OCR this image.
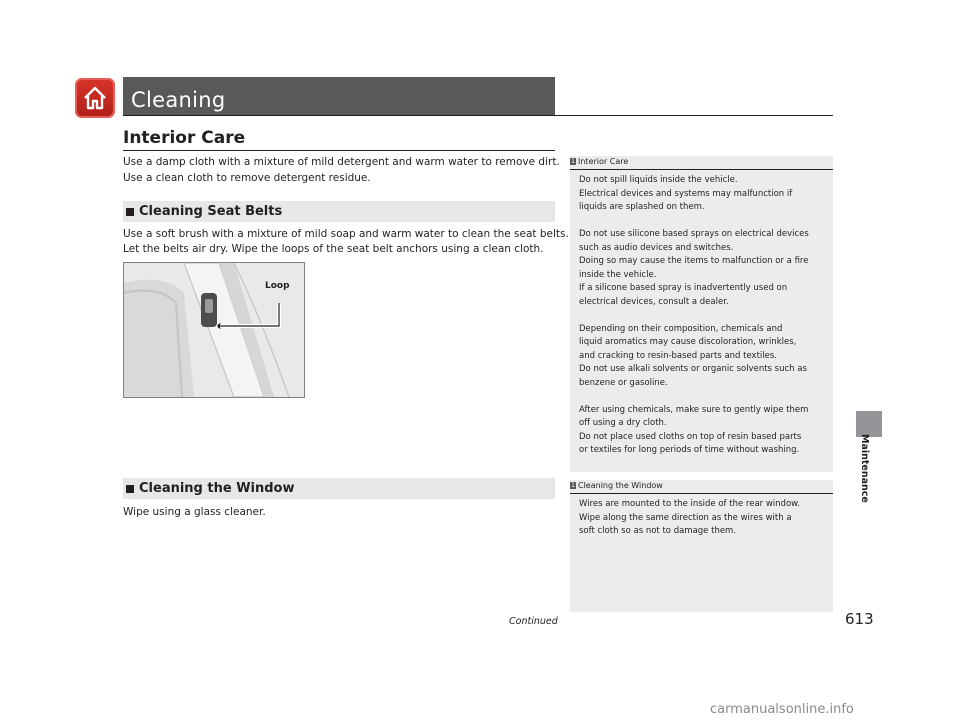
Cleaning
Interior Care
Use a damp cloth with a mixture of mild detergent and warm water to remove dirt.
Use a clean cloth to remove detergent residue.
Cleaning Seat Belts
Use a soft brush with a mixture of mild soap and warm water to clean the seat belts.
Let the belts air dry. Wipe the loops of the seat belt anchors using a clean cloth.
Loop
Cleaning the Window
Wipe using a glass cleaner.
1 Interior Care
Do not spill liquids inside the vehicle.
Electrical devices and systems may malfunction if
liquids are splashed on them.
Do not use silicone based sprays on electrical devices
such as audio devices and switches.
Doing so may cause the items to malfunction or a fire
inside the vehicle.
If a silicone based spray is inadvertently used on
electrical devices, consult a dealer.
Depending on their composition, chemicals and
liquid aromatics may cause discoloration, wrinkles,
and cracking to resin-based parts and textiles.
Do not use alkali solvents or organic solvents such as
benzene or gasoline.
After using chemicals, make sure to gently wipe them
off using a dry cloth.
Do not place used cloths on top of resin based parts
or textiles for long periods of time without washing.
1 Cleaning the Window
Wires are mounted to the inside of the rear window.
Wipe along the same direction as the wires with a
soft cloth so as not to damage them.
Maintenance
Continued	613
carmanualsonline.info
